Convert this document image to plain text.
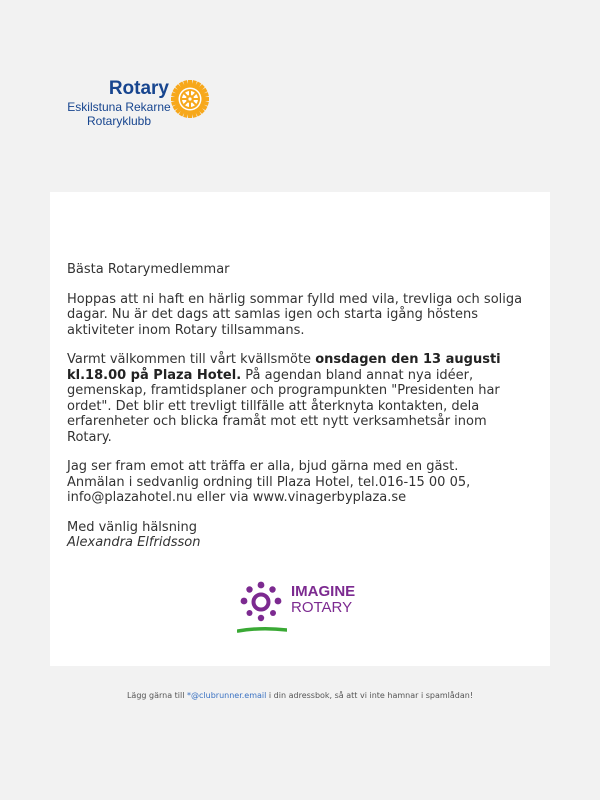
Rotary
Eskilstuna Rekarne
Rotaryklubb

Bästa Rotarymedlemmar

Hoppas att ni haft en härlig sommar fylld med vila, trevliga och soliga dagar. Nu är det dags att samlas igen och starta igång höstens aktiviteter inom Rotary tillsammans.

Varmt välkommen till vårt kvällsmöte onsdagen den 13 augusti kl.18.00 på Plaza Hotel. På agendan bland annat nya idéer, gemenskap, framtidsplaner och programpunkten "Presidenten har ordet". Det blir ett trevligt tillfälle att återknyta kontakten, dela erfarenheter och blicka framåt mot ett nytt verksamhetsår inom Rotary.

Jag ser fram emot att träffa er alla, bjud gärna med en gäst.
Anmälan i sedvanlig ordning till Plaza Hotel, tel.016-15 00 05, info@plazahotel.nu eller via www.vinagerbyplaza.se

Med vänlig hälsning
Alexandra Elfridsson

IMAGINE
ROTARY
Lägg gärna till *@clubrunner.email i din adressbok, så att vi inte hamnar i spamlådan!
